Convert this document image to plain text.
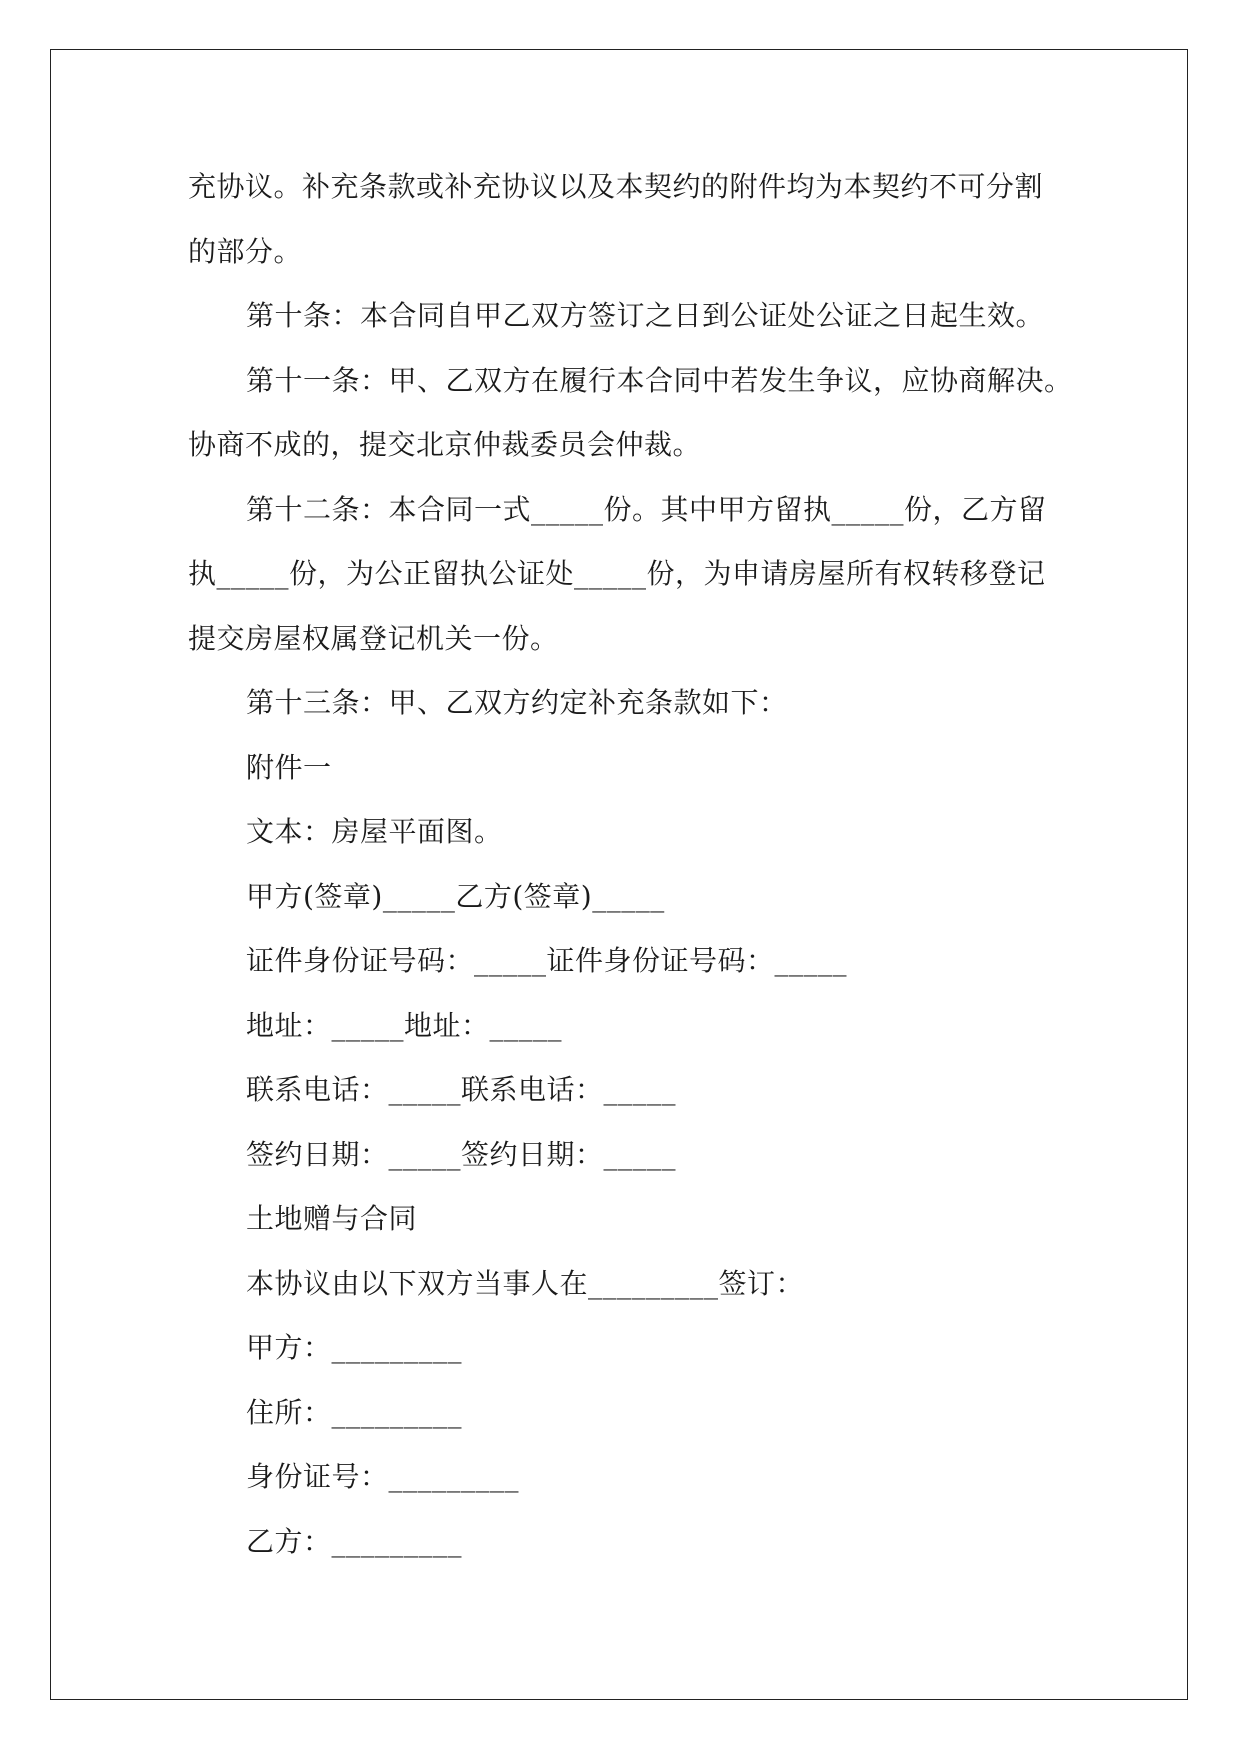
充协议。补充条款或补充协议以及本契约的附件均为本契约不可分割
的部分。
第十条：本合同自甲乙双方签订之日到公证处公证之日起生效。
第十一条：甲、乙双方在履行本合同中若发生争议，应协商解决。
协商不成的，提交北京仲裁委员会仲裁。
第十二条：本合同一式_____份。其中甲方留执_____份，乙方留
执_____份，为公正留执公证处_____份，为申请房屋所有权转移登记
提交房屋权属登记机关一份。
第十三条：甲、乙双方约定补充条款如下：
附件一
文本：房屋平面图。
甲方(签章)_____乙方(签章)_____
证件身份证号码：_____证件身份证号码：_____
地址：_____地址：_____
联系电话：_____联系电话：_____
签约日期：_____签约日期：_____
土地赠与合同
本协议由以下双方当事人在_________签订：
甲方：_________
住所：_________
身份证号：_________
乙方：_________
